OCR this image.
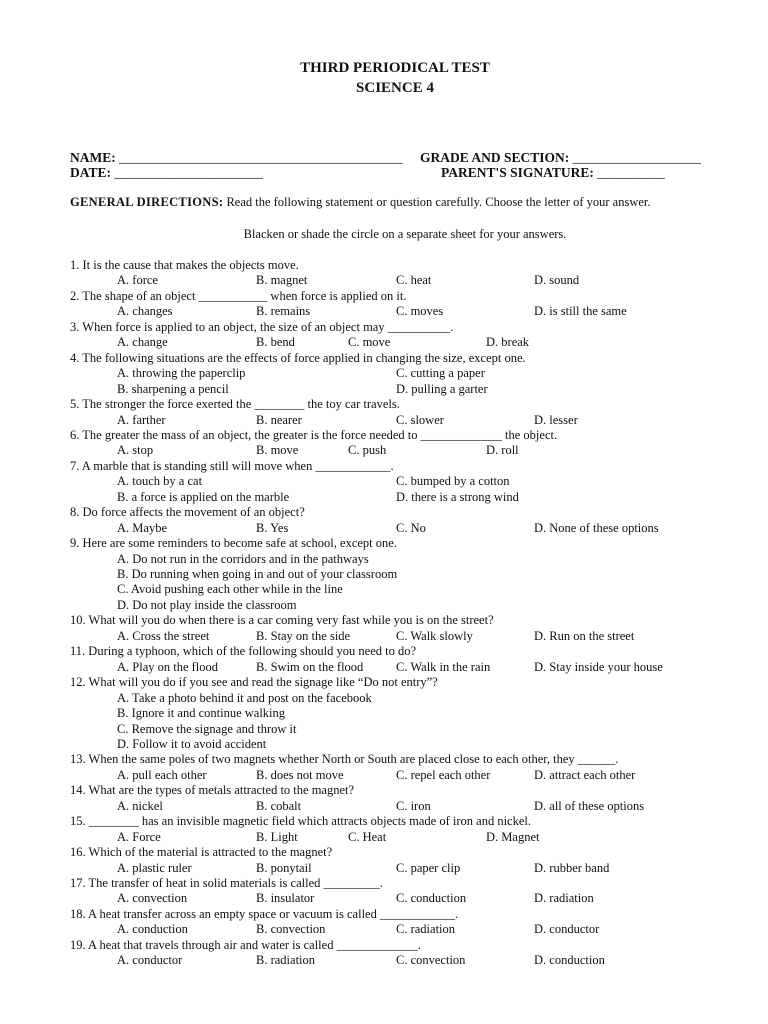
THIRD PERIODICAL TEST
SCIENCE 4
NAME: __________________________________________ GRADE AND SECTION: ___________________
DATE: ______________________	PARENT'S SIGNATURE: __________
GENERAL DIRECTIONS: Read the following statement or question carefully. Choose the letter of your answer.
Blacken or shade the circle on a separate sheet for your answers.
1. It is the cause that makes the objects move.
A. force	B. magnet	C. heat	D. sound
2. The shape of an object ___________ when force is applied on it.
A. changes	B. remains	C. moves	D. is still the same
3. When force is applied to an object, the size of an object may __________.
A. change	B. bend	C. move	D. break
4. The following situations are the effects of force applied in changing the size, except one.
A. throwing the paperclip	C. cutting a paper
B. sharpening a pencil	D. pulling a garter
5. The stronger the force exerted the ________ the toy car travels.
A. farther	B. nearer	C. slower	D. lesser
6. The greater the mass of an object, the greater is the force needed to _____________ the object.
A. stop	B. move	C. push	D. roll
7. A marble that is standing still will move when ____________.
A. touch by a cat	C. bumped by a cotton
B. a force is applied on the marble	D. there is a strong wind
8. Do force affects the movement of an object?
A. Maybe	B. Yes	C. No	D. None of these options
9. Here are some reminders to become safe at school, except one.
A. Do not run in the corridors and in the pathways
B. Do running when going in and out of your classroom
C. Avoid pushing each other while in the line
D. Do not play inside the classroom
10. What will you do when there is a car coming very fast while you is on the street?
A. Cross the street	B. Stay on the side	C. Walk slowly	D. Run on the street
11. During a typhoon, which of the following should you need to do?
A. Play on the flood	B. Swim on the flood	C. Walk in the rain	D. Stay inside your house
12. What will you do if you see and read the signage like “Do not entry”?
A. Take a photo behind it and post on the facebook
B. Ignore it and continue walking
C. Remove the signage and throw it
D. Follow it to avoid accident
13. When the same poles of two magnets whether North or South are placed close to each other, they ______.
A. pull each other	B. does not move	C. repel each other	D. attract each other
14. What are the types of metals attracted to the magnet?
A. nickel	B. cobalt	C. iron	D. all of these options
15. ________ has an invisible magnetic field which attracts objects made of iron and nickel.
A. Force	B. Light	C. Heat	D. Magnet
16. Which of the material is attracted to the magnet?
A. plastic ruler	B. ponytail	C. paper clip	D. rubber band
17. The transfer of heat in solid materials is called _________.
A. convection	B. insulator	C. conduction	D. radiation
18. A heat transfer across an empty space or vacuum is called ____________.
A. conduction	B. convection	C. radiation	D. conductor
19. A heat that travels through air and water is called _____________.
A. conductor	B. radiation	C. convection	D. conduction
